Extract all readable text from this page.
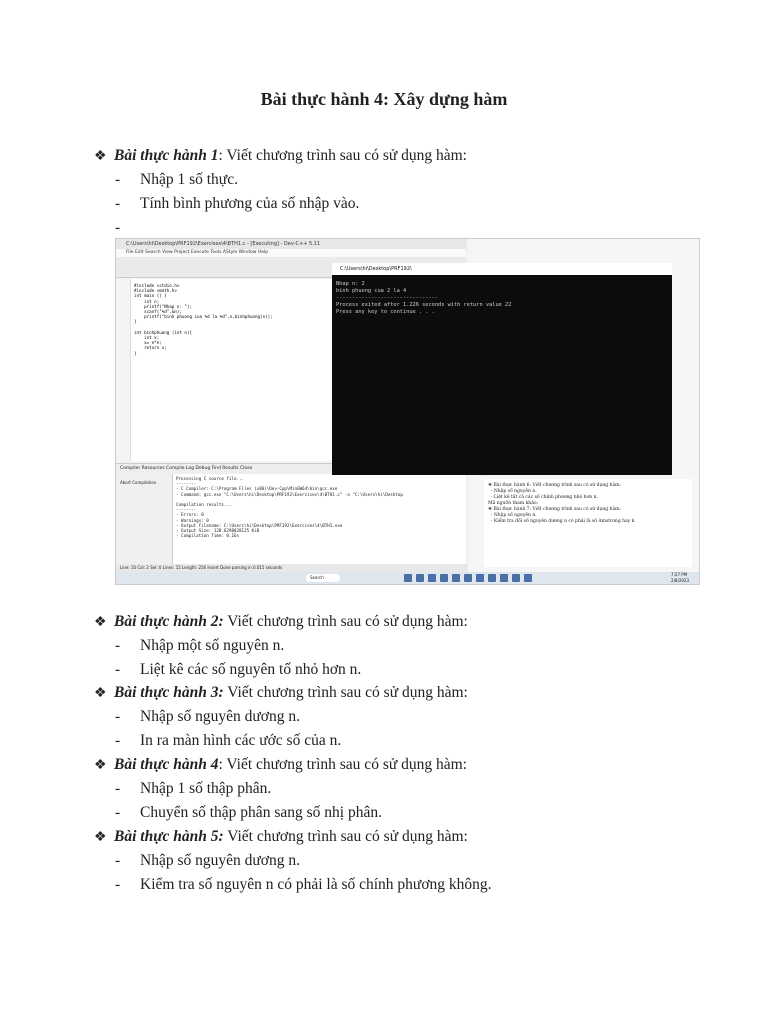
Bài thực hành 4: Xây dựng hàm
❖ Bài thực hành 1: Viết chương trình sau có sử dụng hàm:
- Nhập 1 số thực.
- Tính bình phương của số nhập vào.
-
C:\Users\hi\Desktop\PRF192\Exercises\4\BTH1.c - [Executing] - Dev-C++ 5.11
File Edit Search View Project Execute Tools AStyle Window Help
#include <stdio.h>
#include <math.h>
int main () {
int n;
printf("Nhap n: ");
scanf("%d",&n);
printf("binh phuong cua %d la %d",n,binhphuong(n));
}

int binhphuong (int n){
int x;
x= n*n;
return x;
}
Compiler Resources Compile Log Debug Find Results Close
Abort Compilation
Processing C source file...
--------
- C Compiler: C:\Program Files (x86)\Dev-Cpp\MinGW64\bin\gcc.exe
- Command: gcc.exe "C:\Users\hi\Desktop\PRF192\Exercises\4\BTH1.c" -o "C:\Users\hi\Desktop

Compilation results...
--------
- Errors: 0
- Warnings: 0
- Output Filename: C:\Users\hi\Desktop\PRF192\Exercises\4\BTH1.exe
- Output Size: 128.6298828125 KiB
- Compilation Time: 0.16s
Line: 10 Col: 2 Sel: 0 Lines: 15 Length: 256 Insert Done parsing in 0.015 seconds
❖ Bài thực hành 6: Viết chương trình sau có sử dụng hàm:
- Nhập số nguyên n.
- Liệt kê tất cả các số chính phương nhỏ hơn n.
Mã nguồn tham khảo:
❖ Bài thực hành 7: Viết chương trình sau có sử dụng hàm:
- Nhập số nguyên n.
- Kiểm tra đối số nguyên dương n có phải là số Amstrong hay k
C:\Users\hi\Desktop\PRF192\
Nhap n: 2
binh phuong cua 2 la 4
--------------------------------
Process exited after 1.226 seconds with return value 22
Press any key to continue . . .
Search
7:27 PM
2/8/2023
❖ Bài thực hành 2: Viết chương trình sau có sử dụng hàm:
- Nhập một số nguyên n.
- Liệt kê các số nguyên tố nhỏ hơn n.
❖ Bài thực hành 3: Viết chương trình sau có sử dụng hàm:
- Nhập số nguyên dương n.
- In ra màn hình các ước số của n.
❖ Bài thực hành 4: Viết chương trình sau có sử dụng hàm:
- Nhập 1 số thập phân.
- Chuyển số thập phân sang số nhị phân.
❖ Bài thực hành 5: Viết chương trình sau có sử dụng hàm:
- Nhập số nguyên dương n.
- Kiểm tra số nguyên n có phải là số chính phương không.
